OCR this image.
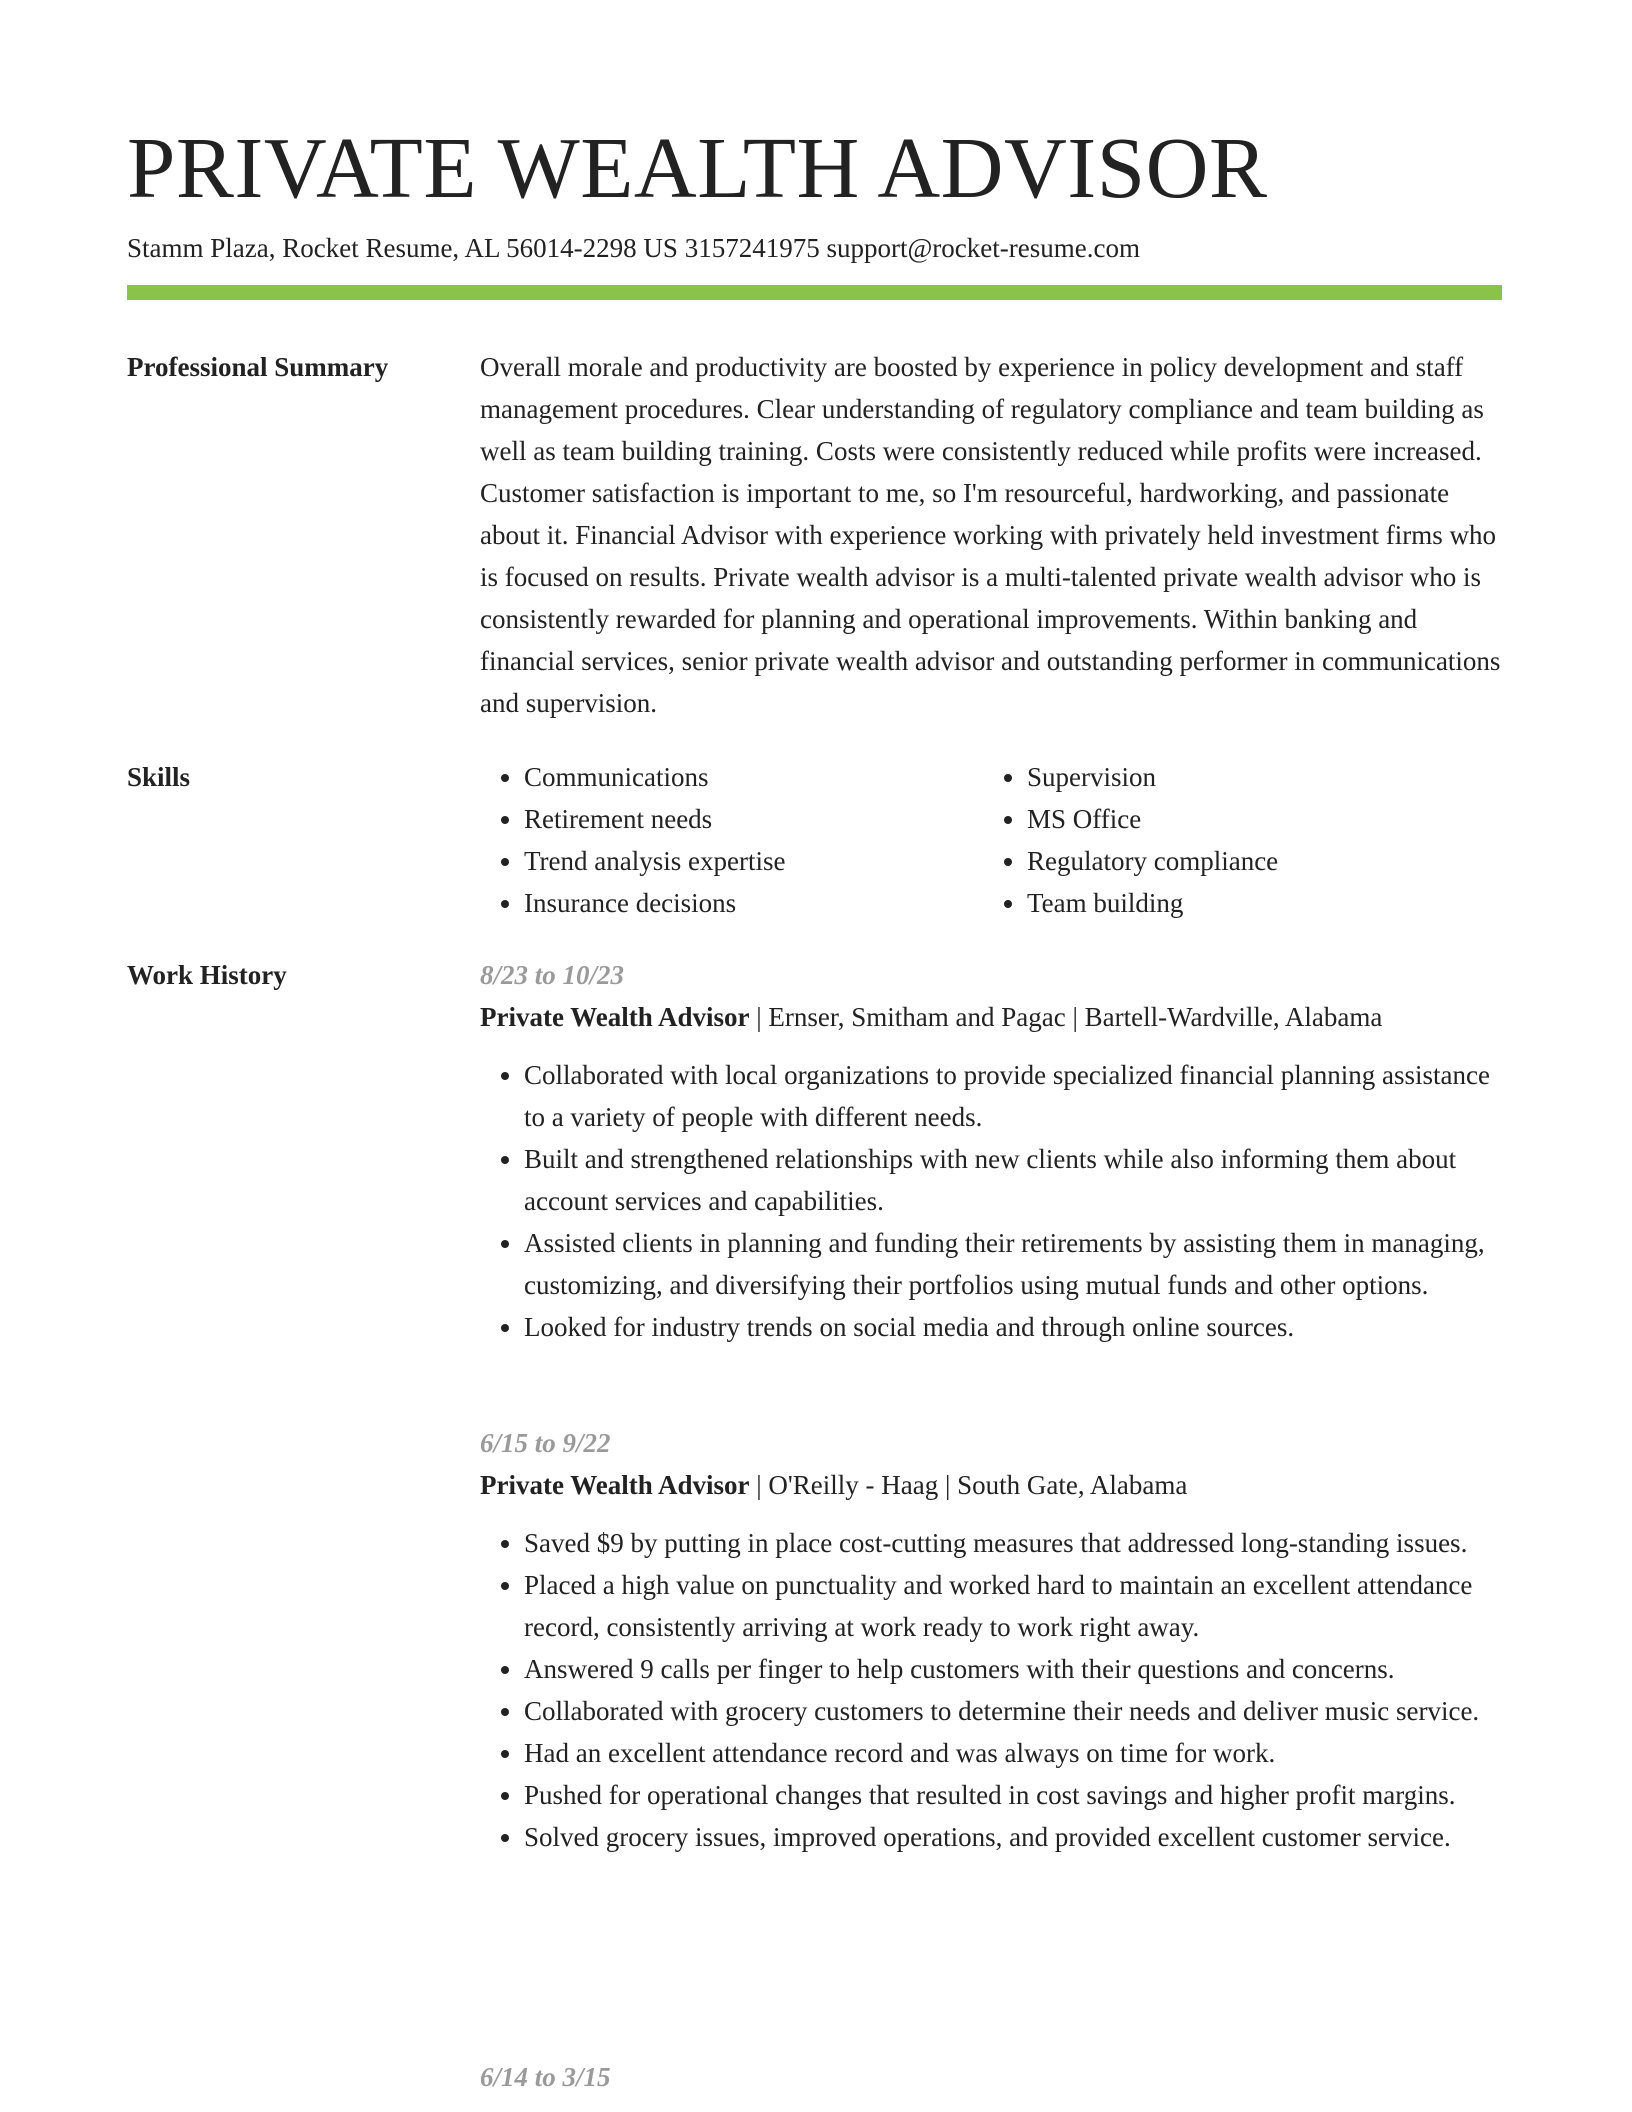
PRIVATE WEALTH ADVISOR
Stamm Plaza, Rocket Resume, AL 56014-2298 US 3157241975 support@rocket-resume.com
Professional Summary	Overall morale and productivity are boosted by experience in policy development and staff management procedures. Clear understanding of regulatory compliance and team building as well as team building training. Costs were consistently reduced while profits were increased. Customer satisfaction is important to me, so I'm resourceful, hardworking, and passionate about it. Financial Advisor with experience working with privately held investment firms who is focused on results. Private wealth advisor is a multi-talented private wealth advisor who is consistently rewarded for planning and operational improvements. Within banking and financial services, senior private wealth advisor and outstanding performer in communications and supervision.

Skills
•	Communications
• Retirement needs
• Trend analysis expertise
• Insurance decisions
• Supervision
• MS Office
• Regulatory compliance
• Team building
Work History	8/23 to 10/23
Private Wealth Advisor | Ernser, Smitham and Pagac | Bartell-Wardville, Alabama
• Collaborated with local organizations to provide specialized financial planning assistance to a variety of people with different needs.
• Built and strengthened relationships with new clients while also informing them about account services and capabilities.
• Assisted clients in planning and funding their retirements by assisting them in managing, customizing, and diversifying their portfolios using mutual funds and other options.
• Looked for industry trends on social media and through online sources.
6/15 to 9/22
Private Wealth Advisor | O'Reilly - Haag | South Gate, Alabama
• Saved $9 by putting in place cost-cutting measures that addressed long-standing issues.
• Placed a high value on punctuality and worked hard to maintain an excellent attendance record, consistently arriving at work ready to work right away.
• Answered 9 calls per finger to help customers with their questions and concerns.
• Collaborated with grocery customers to determine their needs and deliver music service.
• Had an excellent attendance record and was always on time for work.
• Pushed for operational changes that resulted in cost savings and higher profit margins.
• Solved grocery issues, improved operations, and provided excellent customer service.
6/14 to 3/15
